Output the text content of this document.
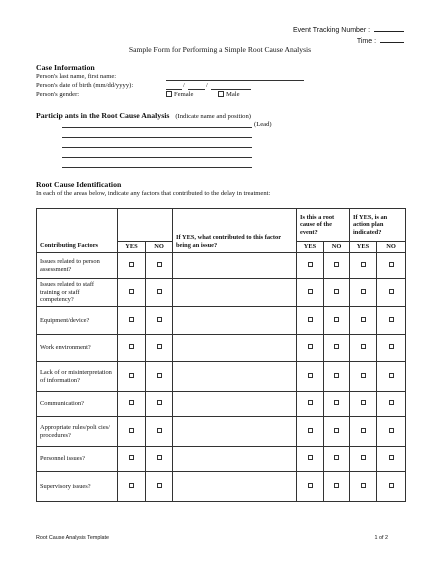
Event Tracking Number :
Time :
Sample Form for Performing a Simple Root Cause Analysis
Case Information
Person's last name, first name:
Person's date of birth (mm/dd/yyyy):	/	/
Person's gender:	Female	Male
Particip ants in the Root Cause Analysis (Indicate name and position)
(Lead)
Root Cause Identification
In each of the areas below, indicate any factors that contributed to the delay in treatment:
Contributing Factors			If YES, what contributed to this factor being an issue?	Is this a root cause of the event?		If YES, is an action plan indicated?	
	YES	NO		YES	NO	YES	NO
Issues related to person assessment?							
Issues related to staff training or staff competency?							
Equipment/device?							
Work environment?							
Lack of or misinterpretation of information?							
Communication?							
Appropriate rules/poli cies/ procedures?							
Personnel issues?							
Supervisory issues?							
Root Cause Analysis Template	1 of 2
